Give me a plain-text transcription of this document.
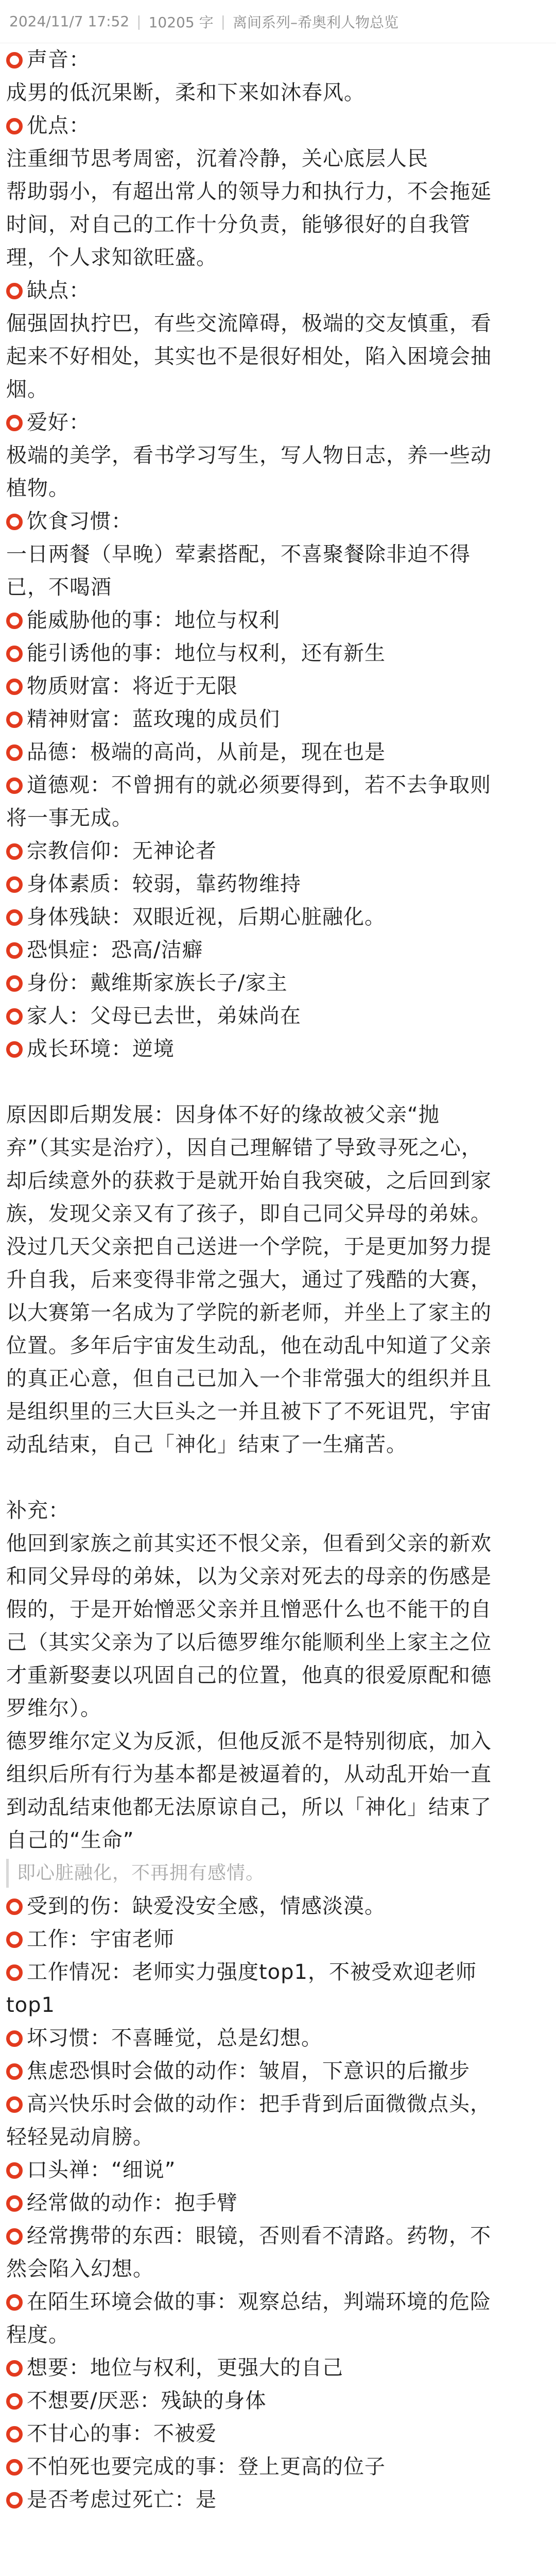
2024/11/7 17:52 | 10205 字 | 离间系列–希奥利人物总览
声音：
成男的低沉果断，柔和下来如沐春风。
优点：
注重细节思考周密，沉着冷静，关心底层人民
帮助弱小，有超出常人的领导力和执行力，不会拖延
时间，对自己的工作十分负责，能够很好的自我管
理，个人求知欲旺盛。
缺点：
倔强固执拧巴，有些交流障碍，极端的交友慎重，看
起来不好相处，其实也不是很好相处，陷入困境会抽
烟。
爱好：
极端的美学，看书学习写生，写人物日志，养一些动
植物。
饮食习惯：
一日两餐（早晚）荤素搭配，不喜聚餐除非迫不得
已，不喝酒
能威胁他的事：地位与权利
能引诱他的事：地位与权利，还有新生
物质财富：将近于无限
精神财富：蓝玫瑰的成员们
品德：极端的高尚，从前是，现在也是
道德观：不曾拥有的就必须要得到，若不去争取则
将一事无成。
宗教信仰：无神论者
身体素质：较弱，靠药物维持
身体残缺：双眼近视，后期心脏融化。
恐惧症：恐高/洁癖
身份：戴维斯家族长子/家主
家人：父母已去世，弟妹尚在
成长环境：逆境
原因即后期发展：因身体不好的缘故被父亲“抛
弃”（其实是治疗），因自己理解错了导致寻死之心，
却后续意外的获救于是就开始自我突破，之后回到家
族，发现父亲又有了孩子，即自己同父异母的弟妹。
没过几天父亲把自己送进一个学院，于是更加努力提
升自我，后来变得非常之强大，通过了残酷的大赛，
以大赛第一名成为了学院的新老师，并坐上了家主的
位置。多年后宇宙发生动乱，他在动乱中知道了父亲
的真正心意，但自己已加入一个非常强大的组织并且
是组织里的三大巨头之一并且被下了不死诅咒，宇宙
动乱结束，自己「神化」结束了一生痛苦。
补充：
他回到家族之前其实还不恨父亲，但看到父亲的新欢
和同父异母的弟妹，以为父亲对死去的母亲的伤感是
假的，于是开始憎恶父亲并且憎恶什么也不能干的自
己（其实父亲为了以后德罗维尔能顺利坐上家主之位
才重新娶妻以巩固自己的位置，他真的很爱原配和德
罗维尔）。
德罗维尔定义为反派，但他反派不是特别彻底，加入
组织后所有行为基本都是被逼着的，从动乱开始一直
到动乱结束他都无法原谅自己，所以「神化」结束了
自己的“生命”
即心脏融化，不再拥有感情。
受到的伤：缺爱没安全感，情感淡漠。
工作：宇宙老师
工作情况：老师实力强度top1，不被受欢迎老师
top1
坏习惯：不喜睡觉，总是幻想。
焦虑恐惧时会做的动作：皱眉，下意识的后撤步
高兴快乐时会做的动作：把手背到后面微微点头，
轻轻晃动肩膀。
口头禅：“细说”
经常做的动作：抱手臂
经常携带的东西：眼镜，否则看不清路。药物，不
然会陷入幻想。
在陌生环境会做的事：观察总结，判端环境的危险
程度。
想要：地位与权利，更强大的自己
不想要/厌恶：残缺的身体
不甘心的事：不被爱
不怕死也要完成的事：登上更高的位子
是否考虑过死亡：是
